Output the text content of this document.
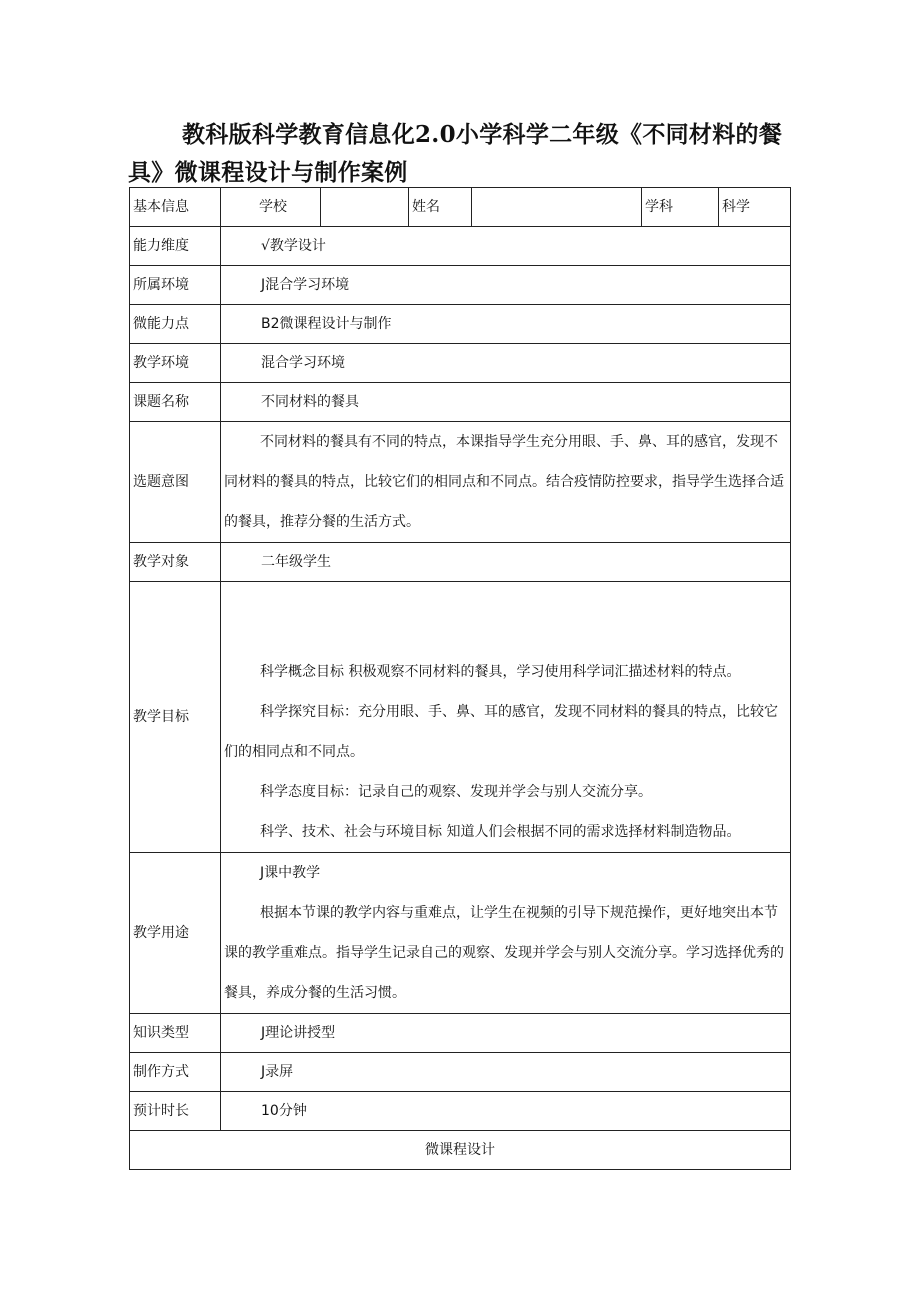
教科版科学教育信息化2.0小学科学二年级《不同材料的餐具》微课程设计与制作案例
基本信息	学校		姓名		学科	科学
能力维度	√教学设计					
所属环境	J混合学习环境					
微能力点	B2微课程设计与制作					
教学环境	混合学习环境					
课题名称	不同材料的餐具					
选题意图	不同材料的餐具有不同的特点，本课指导学生充分用眼、手、鼻、耳的感官，发现不同材料的餐具的特点，比较它们的相同点和不同点。结合疫情防控要求，指导学生选择合适的餐具，推荐分餐的生活方式。					

教学对象	二年级学生					
教学目标	科学概念目标 积极观察不同材料的餐具，学习使用科学词汇描述材料的特点。

科学探究目标：充分用眼、手、鼻、耳的感官，发现不同材料的餐具的特点，比较它们的相同点和不同点。

科学态度目标：记录自己的观察、发现并学会与别人交流分享。

科学、技术、社会与环境目标 知道人们会根据不同的需求选择材料制造物品。					

教学用途	J课中教学

根据本节课的教学内容与重难点，让学生在视频的引导下规范操作，更好地突出本节课的教学重难点。指导学生记录自己的观察、发现并学会与别人交流分享。学习选择优秀的餐具，养成分餐的生活习惯。					

知识类型	J理论讲授型					
制作方式	J录屏					
预计时长	10分钟					
微课程设计						
